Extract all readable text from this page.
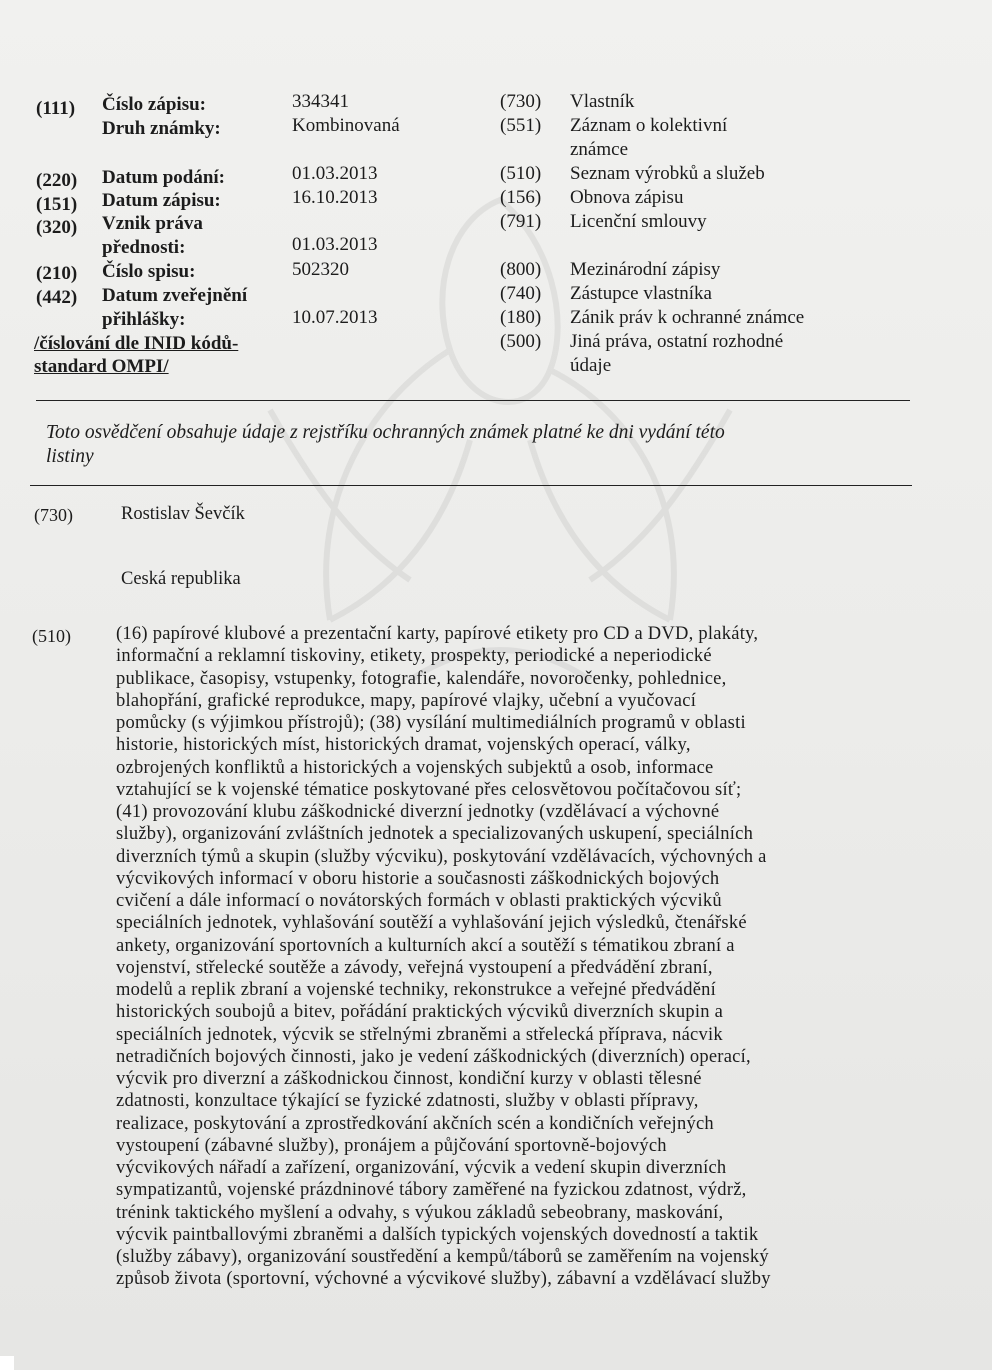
(111) Číslo zápisu:	334341
Druh známky:	Kombinovaná
(220) Datum podání:	01.03.2013
(151) Datum zápisu:	16.10.2013
(320) Vznik práva
přednosti:	01.03.2013
(210) Číslo spisu:	502320
(442) Datum zveřejnění
přihlášky:	10.07.2013
/číslování dle INID kódů-
standard OMPI/
(730) Vlastník
(551) Záznam o kolektivní
známce
(510) Seznam výrobků a služeb
(156) Obnova zápisu
(791) Licenční smlouvy
(800) Mezinárodní zápisy
(740) Zástupce vlastníka
(180) Zánik práv k ochranné známce
(500) Jiná práva, ostatní rozhodné
údaje
Toto osvědčení obsahuje údaje z rejstříku ochranných známek platné ke dni vydání této
listiny
(730)	Rostislav Ševčík
Ceská republika
(510) (16) papírové klubové a prezentační karty, papírové etikety pro CD a DVD, plakáty,
informační a reklamní tiskoviny, etikety, prospekty, periodické a neperiodické
publikace, časopisy, vstupenky, fotografie, kalendáře, novoročenky, pohlednice,
blahopřání, grafické reprodukce, mapy, papírové vlajky, učební a vyučovací
pomůcky (s výjimkou přístrojů); (38) vysílání multimediálních programů v oblasti
historie, historických míst, historických dramat, vojenských operací, války,
ozbrojených konfliktů a historických a vojenských subjektů a osob, informace
vztahující se k vojenské tématice poskytované přes celosvětovou počítačovou síť;
(41) provozování klubu záškodnické diverzní jednotky (vzdělávací a výchovné
služby), organizování zvláštních jednotek a specializovaných uskupení, speciálních
diverzních týmů a skupin (služby výcviku), poskytování vzdělávacích, výchovných a
výcvikových informací v oboru historie a současnosti záškodnických bojových
cvičení a dále informací o novátorských formách v oblasti praktických výcviků
speciálních jednotek, vyhlašování soutěží a vyhlašování jejich výsledků, čtenářské
ankety, organizování sportovních a kulturních akcí a soutěží s tématikou zbraní a
vojenství, střelecké soutěže a závody, veřejná vystoupení a předvádění zbraní,
modelů a replik zbraní a vojenské techniky, rekonstrukce a veřejné předvádění
historických soubojů a bitev, pořádání praktických výcviků diverzních skupin a
speciálních jednotek, výcvik se střelnými zbraněmi a střelecká příprava, nácvik
netradičních bojových činnosti, jako je vedení záškodnických (diverzních) operací,
výcvik pro diverzní a záškodnickou činnost, kondiční kurzy v oblasti tělesné
zdatnosti, konzultace týkající se fyzické zdatnosti, služby v oblasti přípravy,
realizace, poskytování a zprostředkování akčních scén a kondičních veřejných
vystoupení (zábavné služby), pronájem a půjčování sportovně-bojových
výcvikových nářadí a zařízení, organizování, výcvik a vedení skupin diverzních
sympatizantů, vojenské prázdninové tábory zaměřené na fyzickou zdatnost, výdrž,
trénink taktického myšlení a odvahy, s výukou základů sebeobrany, maskování,
výcvik paintballovými zbraněmi a dalších typických vojenských dovedností a taktik
(služby zábavy), organizování soustředění a kempů/táborů se zaměřením na vojenský
způsob života (sportovní, výchovné a výcvikové služby), zábavní a vzdělávací služby
